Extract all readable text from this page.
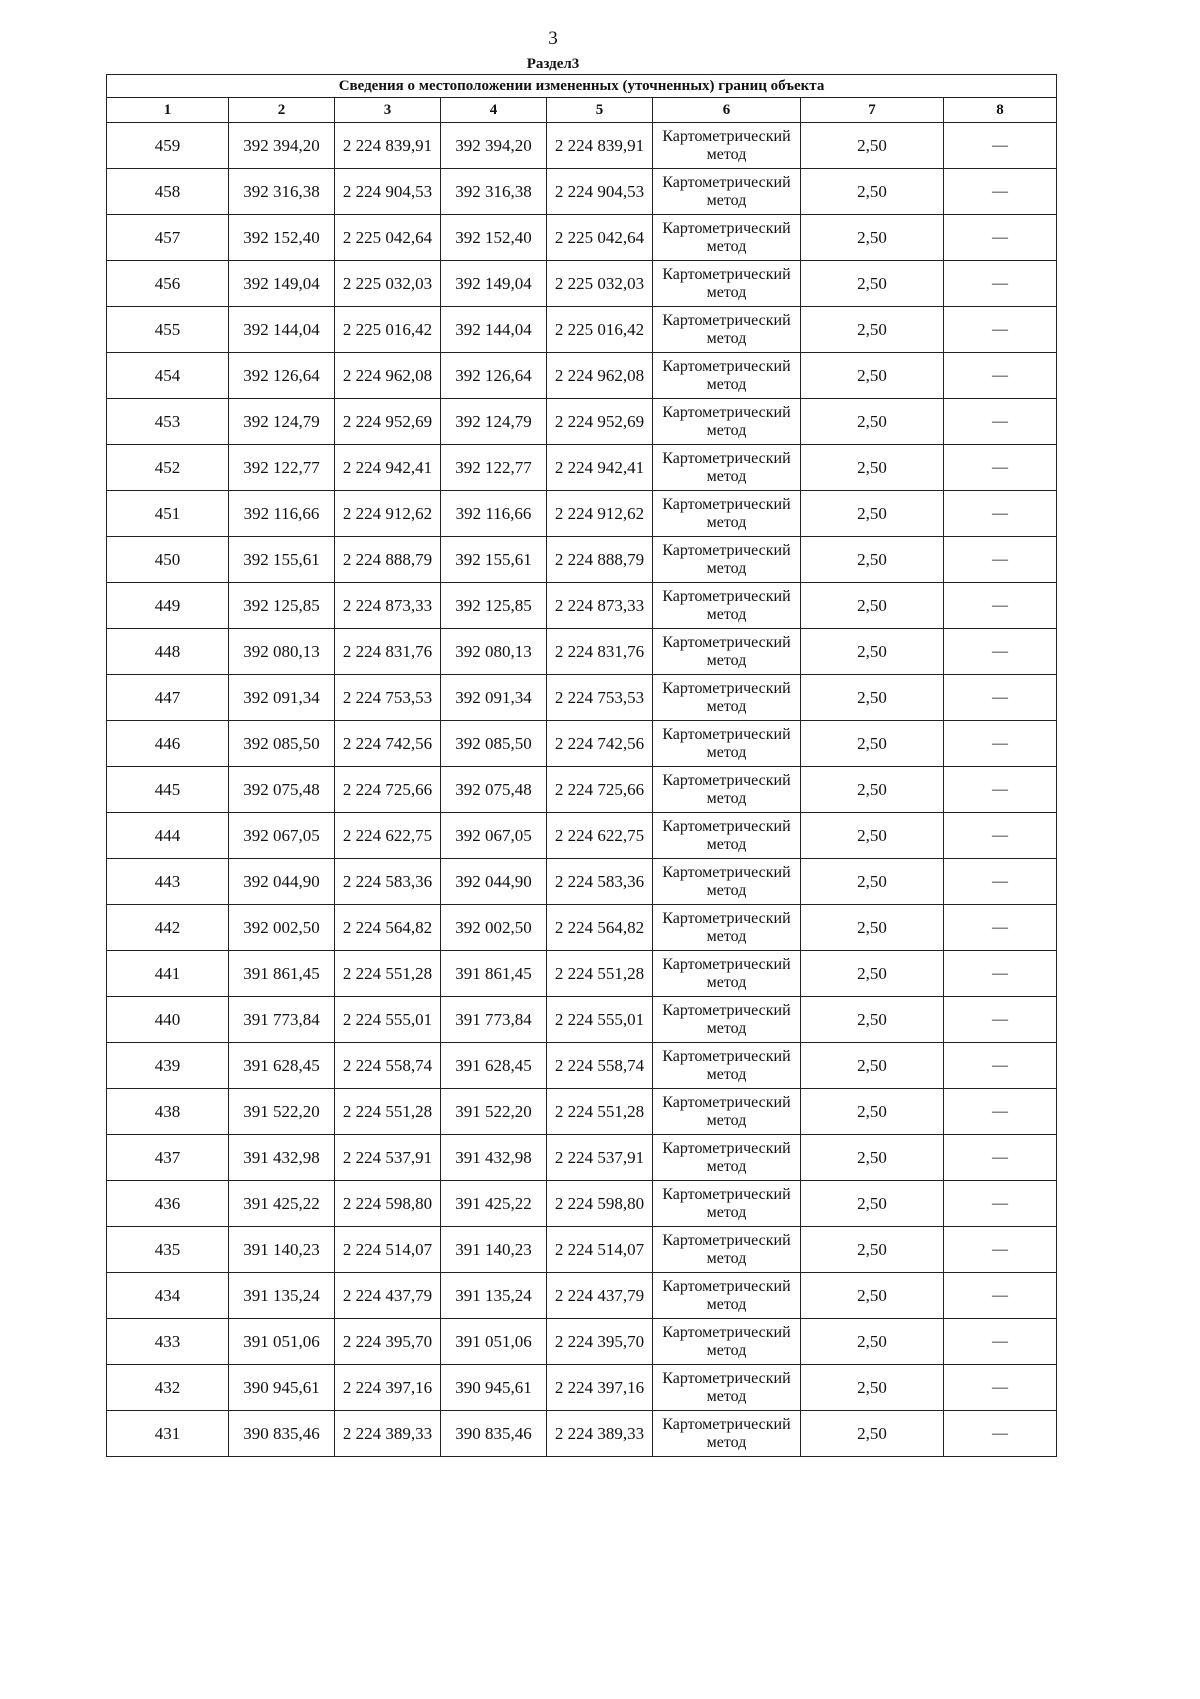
3
Раздел3
Сведения о местоположении измененных (уточненных) границ объекта							
1	2	3	4	5	6	7	8
459	392 394,20	2 224 839,91	392 394,20	2 224 839,91	Картометрический метод	2,50	—
458	392 316,38	2 224 904,53	392 316,38	2 224 904,53	Картометрический метод	2,50	—
457	392 152,40	2 225 042,64	392 152,40	2 225 042,64	Картометрический метод	2,50	—
456	392 149,04	2 225 032,03	392 149,04	2 225 032,03	Картометрический метод	2,50	—
455	392 144,04	2 225 016,42	392 144,04	2 225 016,42	Картометрический метод	2,50	—
454	392 126,64	2 224 962,08	392 126,64	2 224 962,08	Картометрический метод	2,50	—
453	392 124,79	2 224 952,69	392 124,79	2 224 952,69	Картометрический метод	2,50	—
452	392 122,77	2 224 942,41	392 122,77	2 224 942,41	Картометрический метод	2,50	—
451	392 116,66	2 224 912,62	392 116,66	2 224 912,62	Картометрический метод	2,50	—
450	392 155,61	2 224 888,79	392 155,61	2 224 888,79	Картометрический метод	2,50	—
449	392 125,85	2 224 873,33	392 125,85	2 224 873,33	Картометрический метод	2,50	—
448	392 080,13	2 224 831,76	392 080,13	2 224 831,76	Картометрический метод	2,50	—
447	392 091,34	2 224 753,53	392 091,34	2 224 753,53	Картометрический метод	2,50	—
446	392 085,50	2 224 742,56	392 085,50	2 224 742,56	Картометрический метод	2,50	—
445	392 075,48	2 224 725,66	392 075,48	2 224 725,66	Картометрический метод	2,50	—
444	392 067,05	2 224 622,75	392 067,05	2 224 622,75	Картометрический метод	2,50	—
443	392 044,90	2 224 583,36	392 044,90	2 224 583,36	Картометрический метод	2,50	—
442	392 002,50	2 224 564,82	392 002,50	2 224 564,82	Картометрический метод	2,50	—
441	391 861,45	2 224 551,28	391 861,45	2 224 551,28	Картометрический метод	2,50	—
440	391 773,84	2 224 555,01	391 773,84	2 224 555,01	Картометрический метод	2,50	—
439	391 628,45	2 224 558,74	391 628,45	2 224 558,74	Картометрический метод	2,50	—
438	391 522,20	2 224 551,28	391 522,20	2 224 551,28	Картометрический метод	2,50	—
437	391 432,98	2 224 537,91	391 432,98	2 224 537,91	Картометрический метод	2,50	—
436	391 425,22	2 224 598,80	391 425,22	2 224 598,80	Картометрический метод	2,50	—
435	391 140,23	2 224 514,07	391 140,23	2 224 514,07	Картометрический метод	2,50	—
434	391 135,24	2 224 437,79	391 135,24	2 224 437,79	Картометрический метод	2,50	—
433	391 051,06	2 224 395,70	391 051,06	2 224 395,70	Картометрический метод	2,50	—
432	390 945,61	2 224 397,16	390 945,61	2 224 397,16	Картометрический метод	2,50	—
431	390 835,46	2 224 389,33	390 835,46	2 224 389,33	Картометрический метод	2,50	—
